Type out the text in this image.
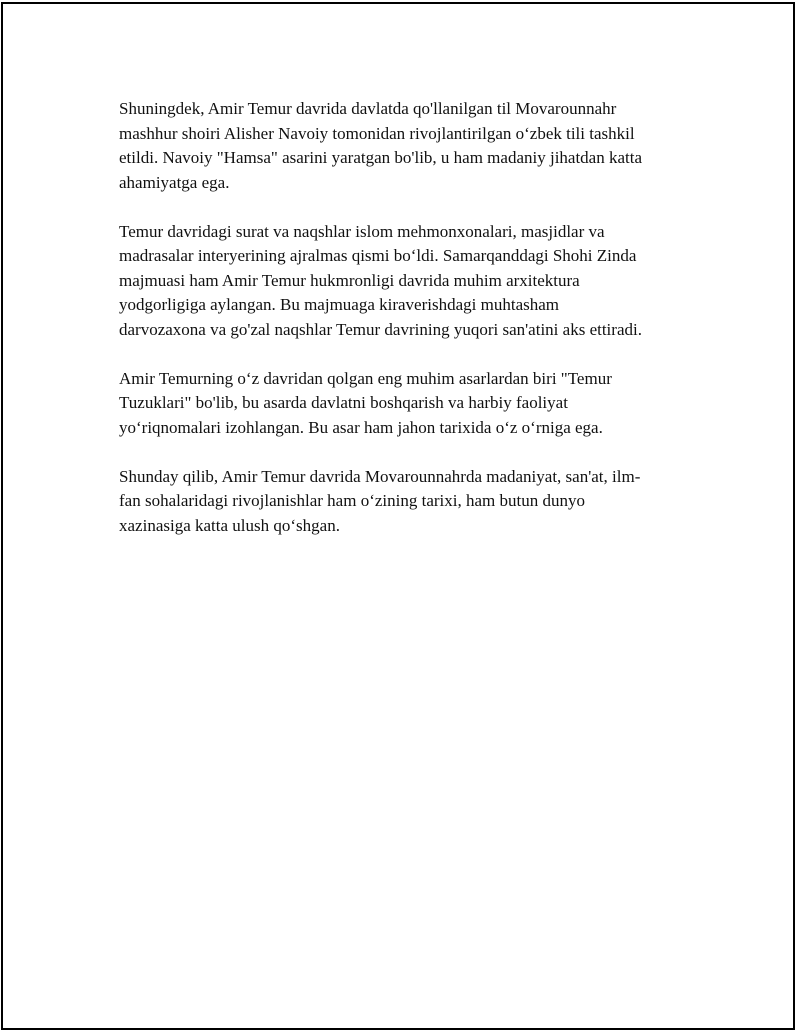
Shuningdek, Amir Temur davrida davlatda qo'llanilgan til Movarounnahr
mashhur shoiri Alisher Navoiy tomonidan rivojlantirilgan o‘zbek tili tashkil
etildi. Navoiy "Hamsa" asarini yaratgan bo'lib, u ham madaniy jihatdan katta
ahamiyatga ega.

Temur davridagi surat va naqshlar islom mehmonxonalari, masjidlar va
madrasalar interyerining ajralmas qismi bo‘ldi. Samarqanddagi Shohi Zinda
majmuasi ham Amir Temur hukmronligi davrida muhim arxitektura
yodgorligiga aylangan. Bu majmuaga kiraverishdagi muhtasham
darvozaxona va go'zal naqshlar Temur davrining yuqori san'atini aks ettiradi.

Amir Temurning o‘z davridan qolgan eng muhim asarlardan biri "Temur
Tuzuklari" bo'lib, bu asarda davlatni boshqarish va harbiy faoliyat
yo‘riqnomalari izohlangan. Bu asar ham jahon tarixida o‘z o‘rniga ega.

Shunday qilib, Amir Temur davrida Movarounnahrda madaniyat, san'at, ilm-
fan sohalaridagi rivojlanishlar ham o‘zining tarixi, ham butun dunyo
xazinasiga katta ulush qo‘shgan.
